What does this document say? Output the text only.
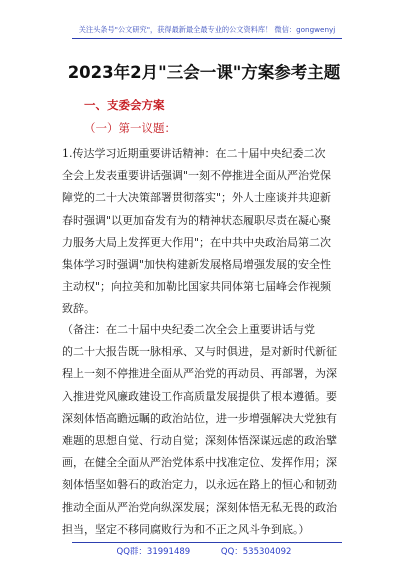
关注头条号"公文研究"，获得最新最全最专业的公文资料库！ 微信：gongwenyj
2023年2月"三会一课"方案参考主题
一、支委会方案
（一）第一议题：
1.传达学习近期重要讲话精神：在二十届中央纪委二次
全会上发表重要讲话强调"一刻不停推进全面从严治党保
障党的二十大决策部署贯彻落实"；外人士座谈并共迎新
春时强调"以更加奋发有为的精神状态履职尽责在凝心聚
力服务大局上发挥更大作用"；在中共中央政治局第二次
集体学习时强调"加快构建新发展格局增强发展的安全性
主动权"；向拉美和加勒比国家共同体第七届峰会作视频
致辞。
（备注：在二十届中央纪委二次全会上重要讲话与党
的二十大报告既一脉相承、又与时俱进，是对新时代新征
程上一刻不停推进全面从严治党的再动员、再部署，为深
入推进党风廉政建设工作高质量发展提供了根本遵循。要
深刻体悟高瞻远瞩的政治站位，进一步增强解决大党独有
难题的思想自觉、行动自觉；深刻体悟深谋远虑的政治擘
画，在健全全面从严治党体系中找准定位、发挥作用；深
刻体悟坚如磐石的政治定力，以永远在路上的恒心和韧劲
推动全面从严治党向纵深发展；深刻体悟无私无畏的政治
担当，坚定不移同腐败行为和不正之风斗争到底。）
QQ群：31991489	QQ：535304092
